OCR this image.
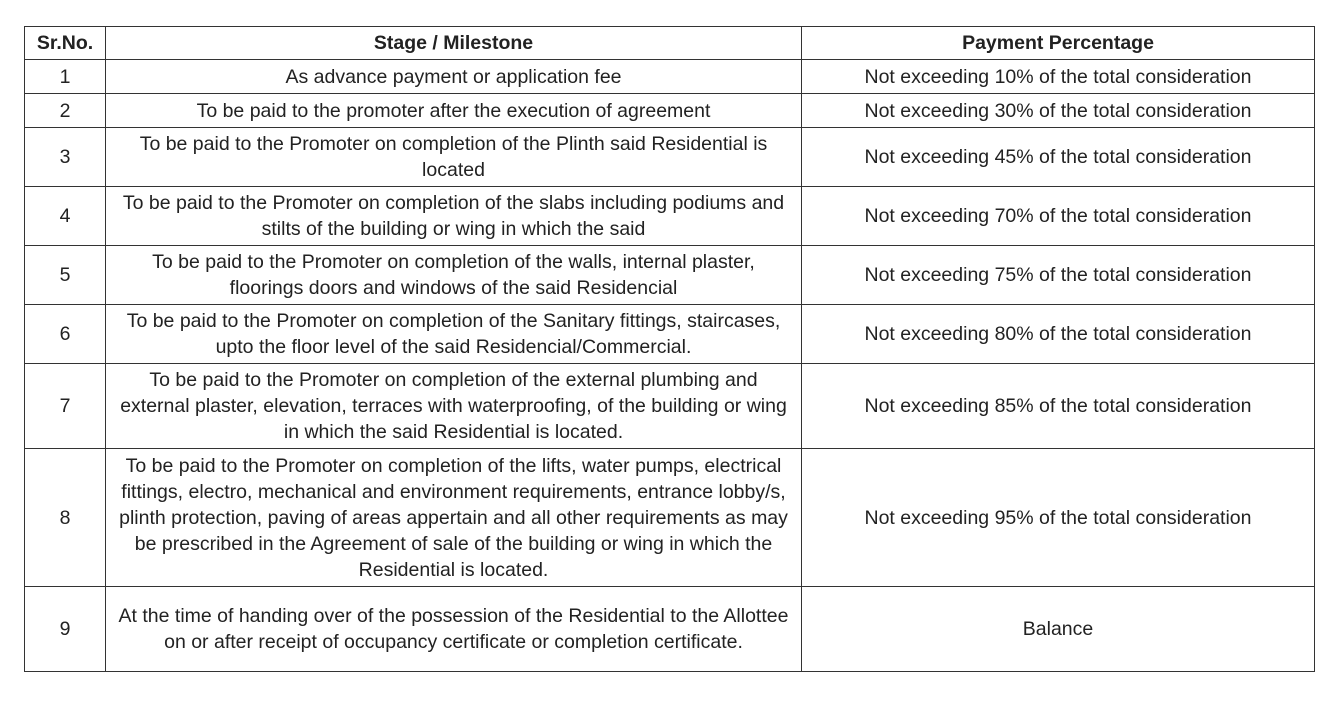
Sr.No.	Stage / Milestone	Payment Percentage
1	As advance payment or application fee	Not exceeding 10% of the total consideration
2	To be paid to the promoter after the execution of agreement	Not exceeding 30% of the total consideration
3	To be paid to the Promoter on completion of the Plinth said Residential is located	Not exceeding 45% of the total consideration
4	To be paid to the Promoter on completion of the slabs including podiums and stilts of the building or wing in which the said	Not exceeding 70% of the total consideration
5	To be paid to the Promoter on completion of the walls, internal plaster, floorings doors and windows of the said Residencial	Not exceeding 75% of the total consideration
6	To be paid to the Promoter on completion of the Sanitary fittings, staircases, upto the floor level of the said Residencial/Commercial.	Not exceeding 80% of the total consideration
7	To be paid to the Promoter on completion of the external plumbing and external plaster, elevation, terraces with waterproofing, of the building or wing in which the said Residential is located.	Not exceeding 85% of the total consideration
8	To be paid to the Promoter on completion of the lifts, water pumps, electrical fittings, electro, mechanical and environment requirements, entrance lobby/s, plinth protection, paving of areas appertain and all other requirements as may be prescribed in the Agreement of sale of the building or wing in which the Residential is located.	Not exceeding 95% of the total consideration
9	At the time of handing over of the possession of the Residential to the Allottee on or after receipt of occupancy certificate or completion certificate.	Balance
